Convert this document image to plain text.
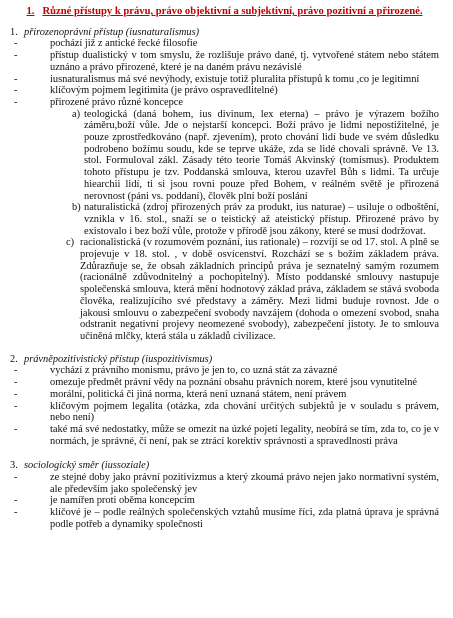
1. Různé přístupy k právu, právo objektivní a subjektivní, právo pozitivní a přirozené.
1. přirozenoprávní přístup (iusnaturalismus)
- pochází již z antické řecké filosofie
- přístup dualistický v tom smyslu, že rozlišuje právo dané, tj. vytvořené státem nebo státem uznáno a právo přirozené, které je na daném právu nezávislé
- iusnaturalismus má své nevýhody, existuje totiž pluralita přístupů k tomu ,co je legitimní
- klíčovým pojmem legitimita (je právo ospravedlitelné)
- přirozené právo různé koncepce
a) teologická (daná bohem, ius divinum, lex eterna) – právo je výrazem božího záměru,boží vůle. Jde o nejstarší koncepci. Boží právo je lidmi nepostižitelné, je pouze zprostředkováno (např. zjevením), proto chování lidí bude ve svém důsledku podrobeno božímu soudu, kde se teprve ukáže, zda se lidé chovali správně. Ve 13. stol. Formuloval zákl. Zásady této teorie Tomáš Akvinský (tomismus). Produktem tohoto přístupu je tzv. Poddanská smlouva, kterou uzavřel Bůh s lidmi. Ta určuje hiearchii lidí, ti si jsou rovni pouze před Bohem, v reálném světě je přirozená nerovnost (páni vs. poddaní), člověk plní boží poslání
b) naturalistická (zdroj přirozených práv za produkt, ius naturae) – usiluje o odboštění, vznikla v 16. stol., snaží se o teistický až ateistický přístup. Přirozené právo by existovalo i bez boží vůle, protože v přírodě jsou zákony, které se musí dodržovat.
c) racionalistická (v rozumovém poznání, ius rationale) – rozvíjí se od 17. stol. A plně se projevuje v 18. stol. , v době osvícenství. Rozchází se s božím základem práva. Zdůrazňuje se, že obsah základních principů práva je seznatelný samým rozumem (racionálně zdůvodnitelný a pochopitelný). Místo poddanské smlouvy nastupuje společenská smlouva, která mění hodnotový základ práva, základem se stává svoboda člověka, realizujícího své představy a záměry. Mezi lidmi buduje rovnost. Jde o jakousi smlouvu o zabezpečení svobody navzájem (dohoda o omezení svobod, snaha odstranit negativní projevy neomezené svobody), zabezpečení jistoty. Je to smlouva učiněná mlčky, která stála u základů civilizace.
2. právněpozitivistický přístup (iuspozitivismus)
- vychází z právního monismu, právo je jen to, co uzná stát za závazné
- omezuje předmět právní vědy na poznání obsahu právních norem, které jsou vynutitelné
- morální, politická či jiná norma, která není uznaná státem, není právem
- klíčovým pojmem legalita (otázka, zda chování určitých subjektů je v souladu s právem, nebo není)
- také má své nedostatky, může se omezit na úzké pojetí legality, neobírá se tím, zda to, co je v normách, je správné, či není, pak se ztrácí korektiv správnosti a spravedlnosti práva
3. sociologický směr (iussoziale)
- ze stejné doby jako právní pozitivizmus a který zkoumá právo nejen jako normativní systém, ale především jako společenský jev
- je namířen proti oběma koncepcím
- klíčové je – podle reálných společenských vztahů musíme říci, zda platná úprava je správná podle potřeb a dynamiky společnosti
